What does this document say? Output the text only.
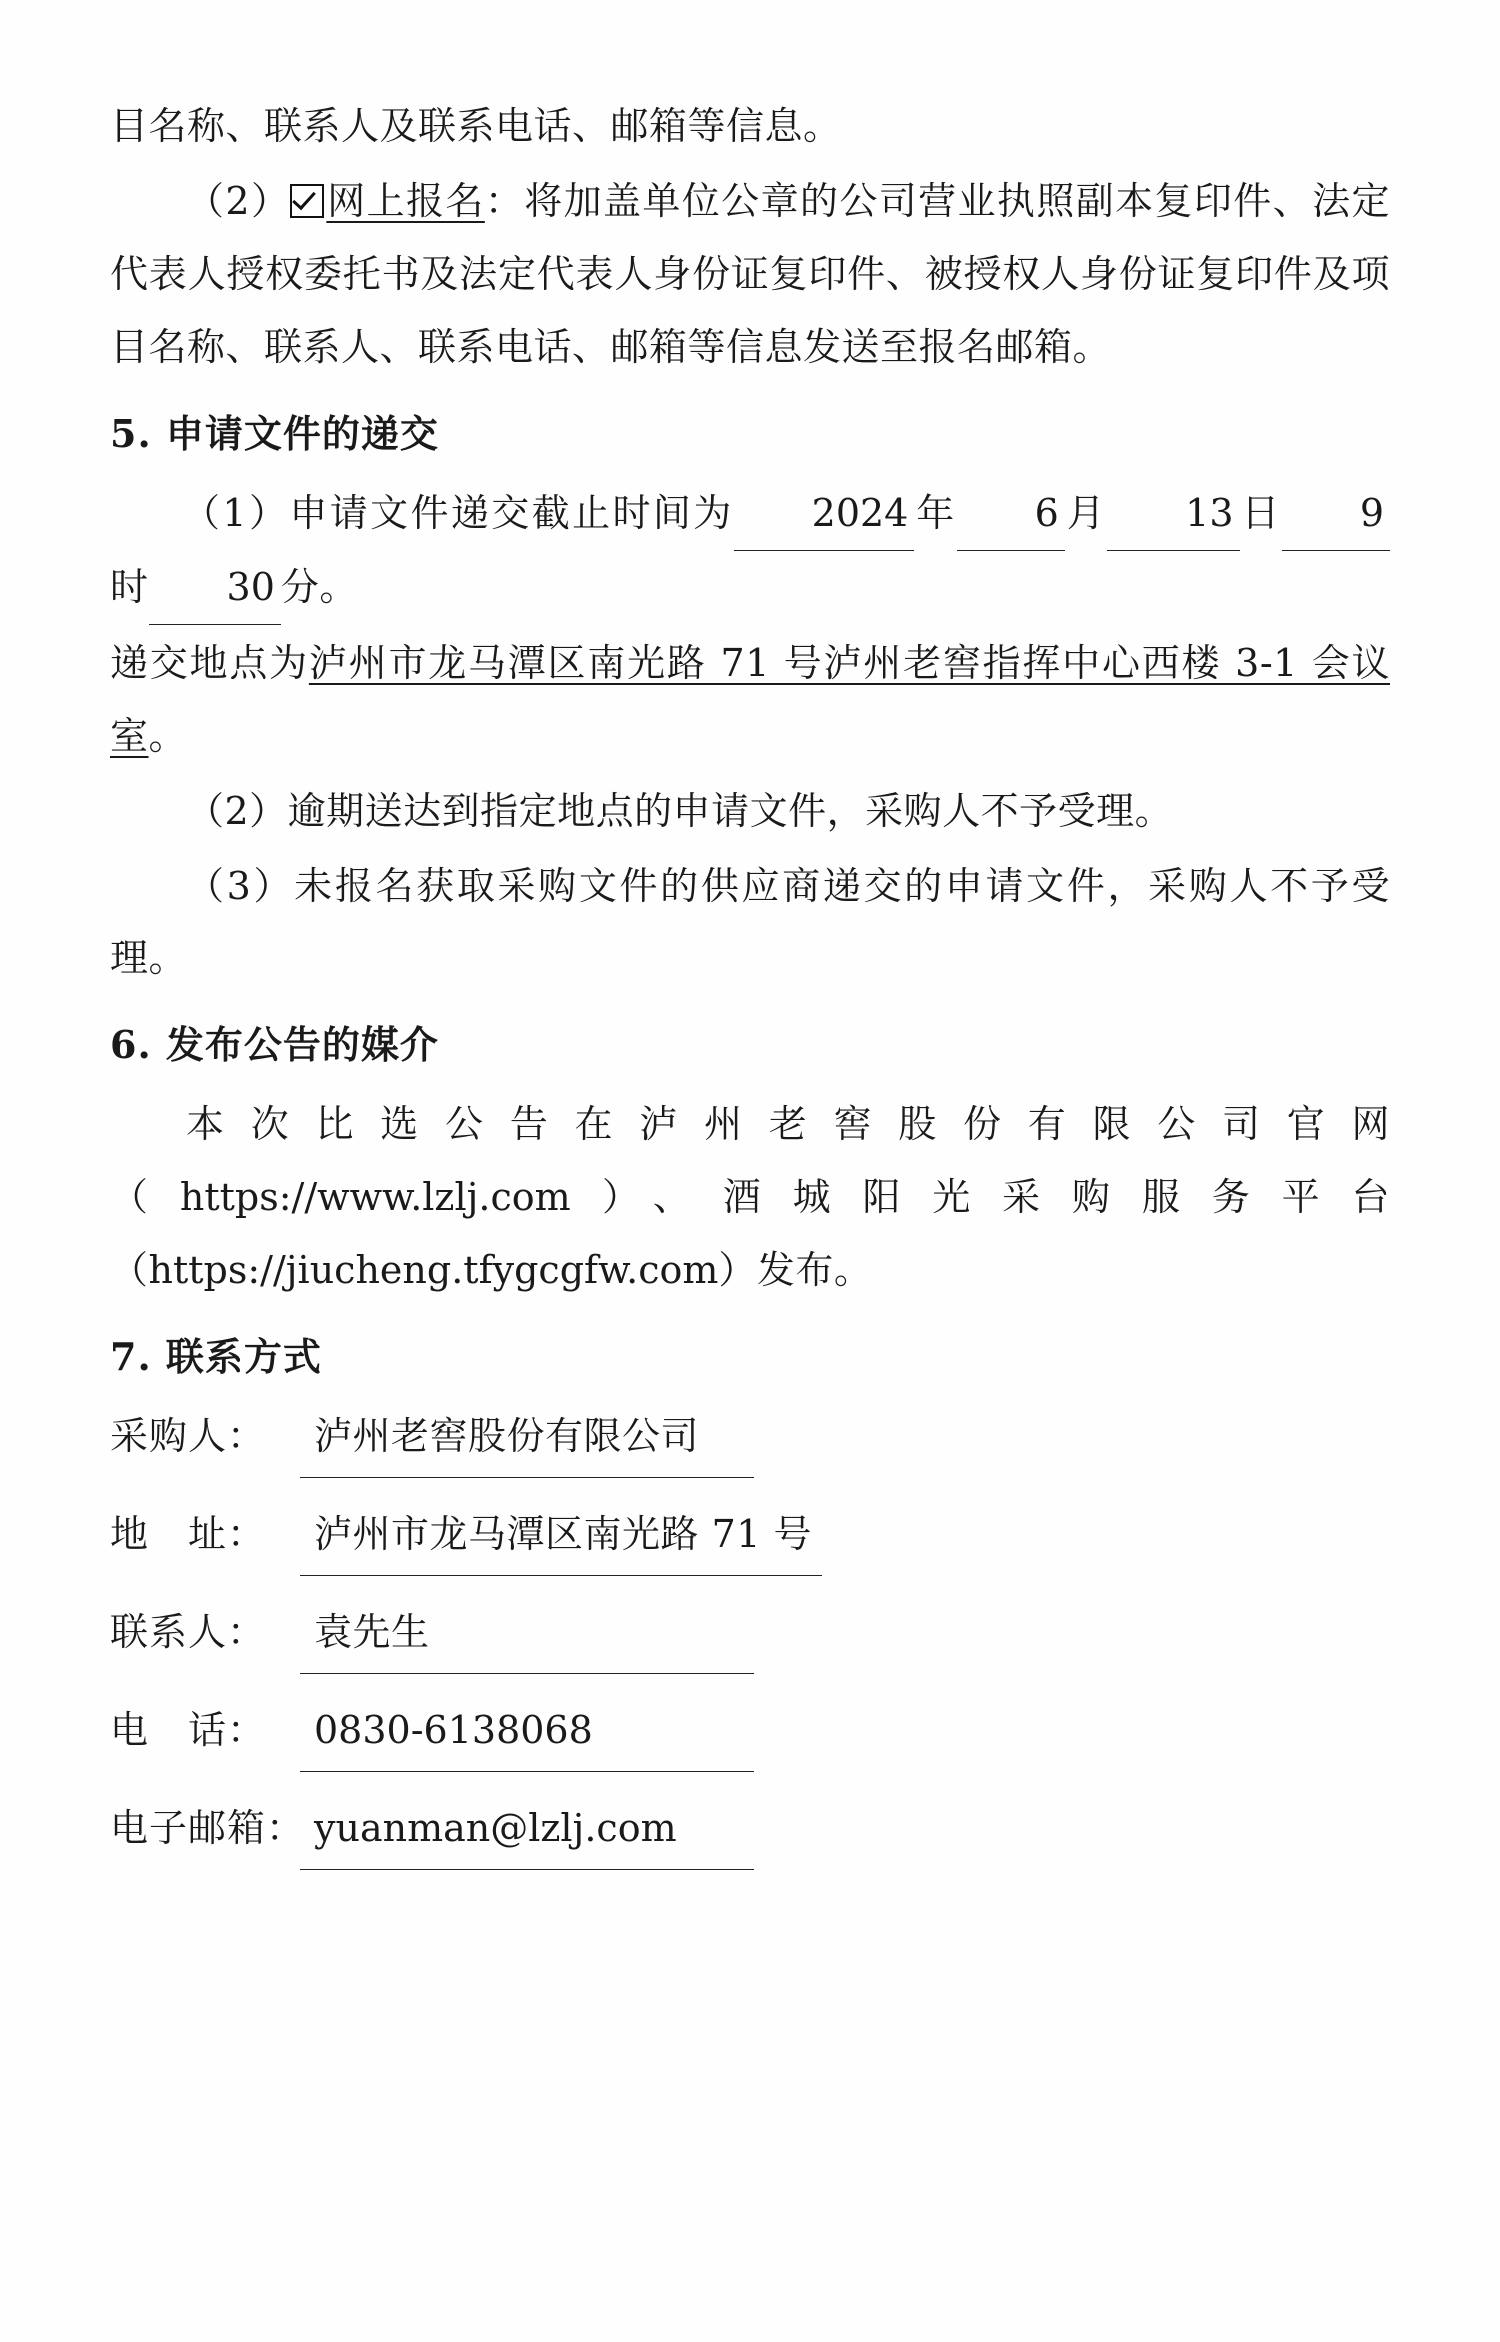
目名称、联系人及联系电话、邮箱等信息。

（2） 网上报名：将加盖单位公章的公司营业执照副本复印件、法定代表人授权委托书及法定代表人身份证复印件、被授权人身份证复印件及项目名称、联系人、联系电话、邮箱等信息发送至报名邮箱。

5. 申请文件的递交

（1）申请文件递交截止时间为 2024 年 6 月 13 日 9时 30 分。

递交地点为泸州市龙马潭区南光路 71 号泸州老窖指挥中心西楼 3-1 会议室。

（2）逾期送达到指定地点的申请文件，采购人不予受理。

（3）未报名获取采购文件的供应商递交的申请文件，采购人不予受理。

6. 发布公告的媒介

本次比选公告在泸州老窖股份有限公司官网（https://www.lzlj.com）、酒城阳光采购服务平台（https://jiucheng.tfygcgfw.com）发布。

7. 联系方式

采购人：	泸州老窖股份有限公司
地　址：	泸州市龙马潭区南光路 71 号
联系人：	袁先生
电　话：	0830-6138068
电子邮箱： yuanman@lzlj.com
